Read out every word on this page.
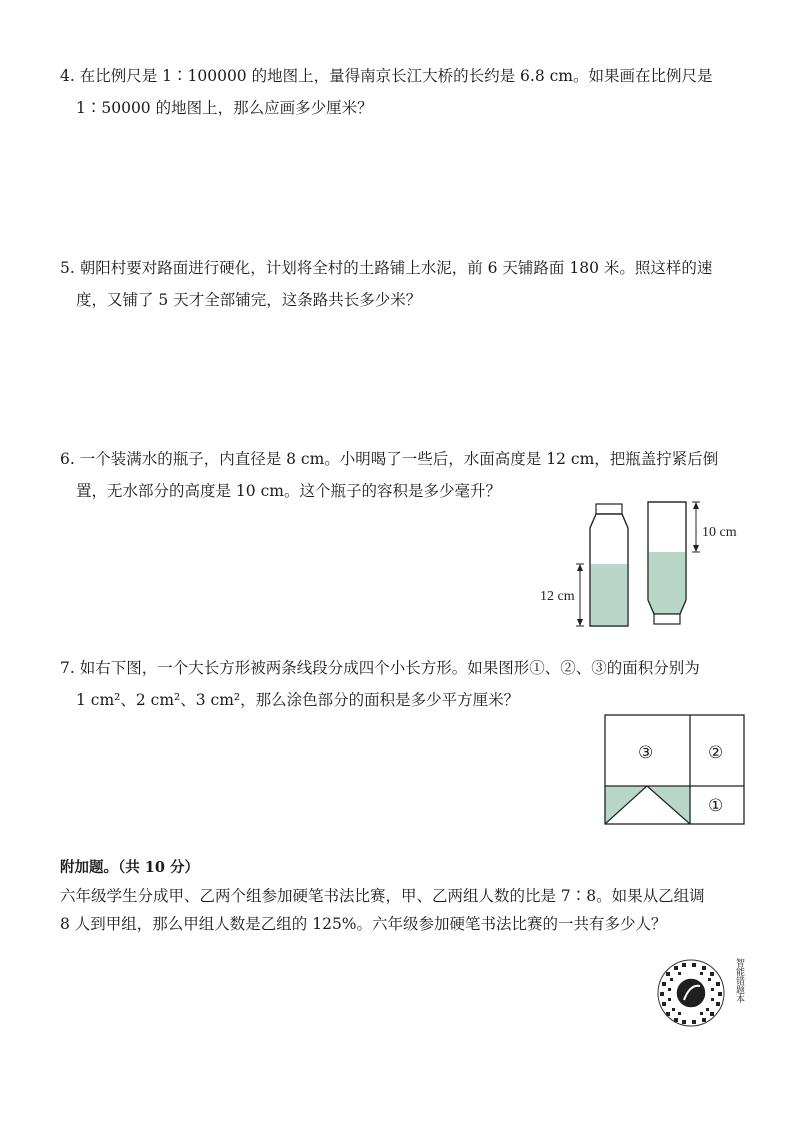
4. 在比例尺是 1∶100000 的地图上，量得南京长江大桥的长约是 6.8 cm。如果画在比例尺是

1∶50000 的地图上，那么应画多少厘米？

5. 朝阳村要对路面进行硬化，计划将全村的土路铺上水泥，前 6 天铺路面 180 米。照这样的速

度，又铺了 5 天才全部铺完，这条路共长多少米？

6. 一个装满水的瓶子，内直径是 8 cm。小明喝了一些后，水面高度是 12 cm，把瓶盖拧紧后倒

置，无水部分的高度是 10 cm。这个瓶子的容积是多少毫升？

12 cm
10 cm

7. 如右下图，一个大长方形被两条线段分成四个小长方形。如果图形①、②、③的面积分别为

1 cm²、2 cm²、3 cm²，那么涂色部分的面积是多少平方厘米？

③	②
①

附加题。（共 10 分）

六年级学生分成甲、乙两个组参加硬笔书法比赛，甲、乙两组人数的比是 7∶8。如果从乙组调

8 人到甲组，那么甲组人数是乙组的 125%。六年级参加硬笔书法比赛的一共有多少人？

智能错题本
